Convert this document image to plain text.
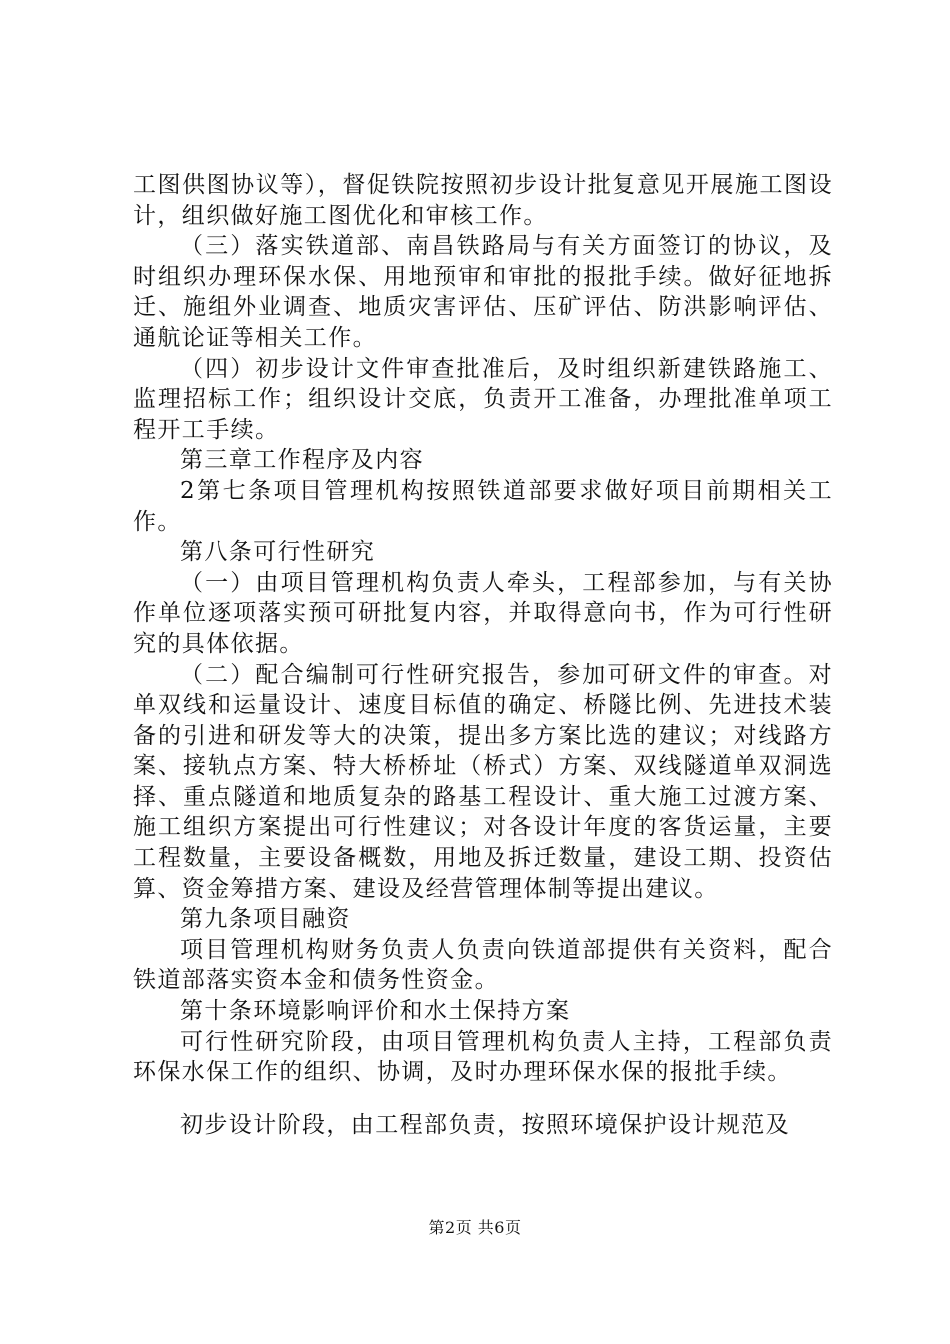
工图供图协议等），督促铁院按照初步设计批复意见开展施工图设计，组织做好施工图优化和审核工作。

（三）落实铁道部、南昌铁路局与有关方面签订的协议，及时组织办理环保水保、用地预审和审批的报批手续。做好征地拆迁、施组外业调查、地质灾害评估、压矿评估、防洪影响评估、通航论证等相关工作。

（四）初步设计文件审查批准后，及时组织新建铁路施工、监理招标工作；组织设计交底，负责开工准备，办理批准单项工程开工手续。

第三章工作程序及内容

2第七条项目管理机构按照铁道部要求做好项目前期相关工作。

第八条可行性研究

（一）由项目管理机构负责人牵头，工程部参加，与有关协作单位逐项落实预可研批复内容，并取得意向书，作为可行性研究的具体依据。

（二）配合编制可行性研究报告，参加可研文件的审查。对单双线和运量设计、速度目标值的确定、桥隧比例、先进技术装备的引进和研发等大的决策，提出多方案比选的建议；对线路方案、接轨点方案、特大桥桥址（桥式）方案、双线隧道单双洞选择、重点隧道和地质复杂的路基工程设计、重大施工过渡方案、施工组织方案提出可行性建议；对各设计年度的客货运量，主要工程数量，主要设备概数，用地及拆迁数量，建设工期、投资估算、资金筹措方案、建设及经营管理体制等提出建议。

第九条项目融资

项目管理机构财务负责人负责向铁道部提供有关资料，配合铁道部落实资本金和债务性资金。

第十条环境影响评价和水土保持方案

可行性研究阶段，由项目管理机构负责人主持，工程部负责环保水保工作的组织、协调，及时办理环保水保的报批手续。

初步设计阶段，由工程部负责，按照环境保护设计规范及

第2页 共6页
